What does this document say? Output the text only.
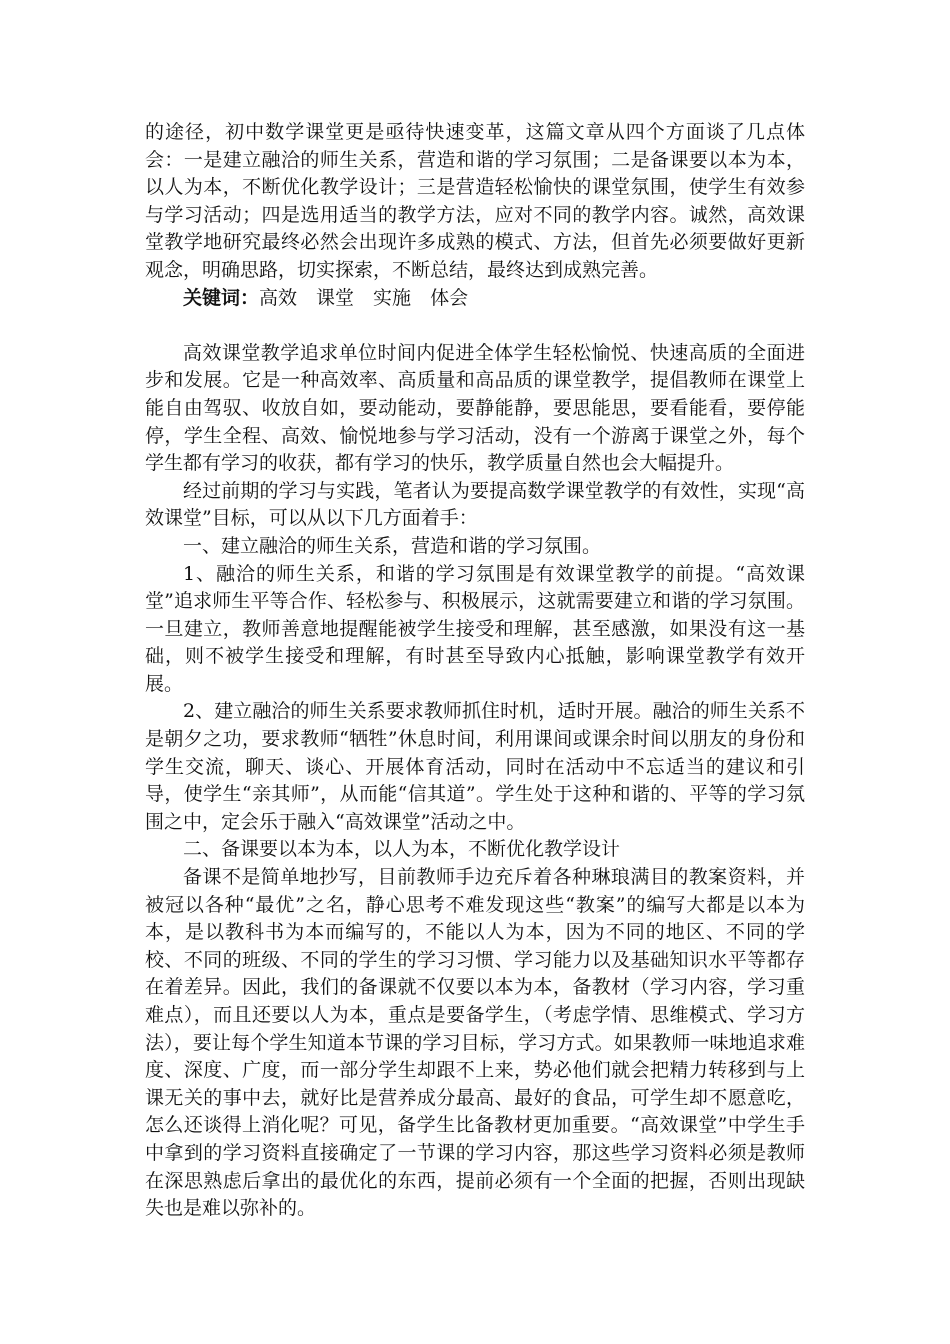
的途径，初中数学课堂更是亟待快速变革，这篇文章从四个方面谈了几点体会：一是建立融洽的师生关系，营造和谐的学习氛围；二是备课要以本为本，以人为本，不断优化教学设计；三是营造轻松愉快的课堂氛围，使学生有效参与学习活动；四是选用适当的教学方法，应对不同的教学内容。诚然，高效课堂教学地研究最终必然会出现许多成熟的模式、方法，但首先必须要做好更新观念，明确思路，切实探索，不断总结，最终达到成熟完善。

关键词：高效 课堂 实施 体会

高效课堂教学追求单位时间内促进全体学生轻松愉悦、快速高质的全面进步和发展。它是一种高效率、高质量和高品质的课堂教学，提倡教师在课堂上能自由驾驭、收放自如，要动能动，要静能静，要思能思，要看能看，要停能停，学生全程、高效、愉悦地参与学习活动，没有一个游离于课堂之外，每个学生都有学习的收获，都有学习的快乐，教学质量自然也会大幅提升。

经过前期的学习与实践，笔者认为要提高数学课堂教学的有效性，实现“高效课堂”目标，可以从以下几方面着手：

一、建立融洽的师生关系，营造和谐的学习氛围。

1、融洽的师生关系，和谐的学习氛围是有效课堂教学的前提。“高效课堂”追求师生平等合作、轻松参与、积极展示，这就需要建立和谐的学习氛围。一旦建立，教师善意地提醒能被学生接受和理解，甚至感激，如果没有这一基础，则不被学生接受和理解，有时甚至导致内心抵触，影响课堂教学有效开展。

2、建立融洽的师生关系要求教师抓住时机，适时开展。融洽的师生关系不是朝夕之功，要求教师“牺牲”休息时间，利用课间或课余时间以朋友的身份和学生交流，聊天、谈心、开展体育活动，同时在活动中不忘适当的建议和引导，使学生“亲其师”，从而能“信其道”。学生处于这种和谐的、平等的学习氛围之中，定会乐于融入“高效课堂”活动之中。

二、备课要以本为本，以人为本，不断优化教学设计

备课不是简单地抄写，目前教师手边充斥着各种琳琅满目的教案资料，并被冠以各种“最优”之名，静心思考不难发现这些“教案”的编写大都是以本为本，是以教科书为本而编写的，不能以人为本，因为不同的地区、不同的学校、不同的班级、不同的学生的学习习惯、学习能力以及基础知识水平等都存在着差异。因此，我们的备课就不仅要以本为本，备教材（学习内容，学习重难点），而且还要以人为本，重点是要备学生，（考虑学情、思维模式、学习方法），要让每个学生知道本节课的学习目标，学习方式。如果教师一味地追求难度、深度、广度，而一部分学生却跟不上来，势必他们就会把精力转移到与上课无关的事中去，就好比是营养成分最高、最好的食品，可学生却不愿意吃，怎么还谈得上消化呢？可见，备学生比备教材更加重要。“高效课堂”中学生手中拿到的学习资料直接确定了一节课的学习内容，那这些学习资料必须是教师在深思熟虑后拿出的最优化的东西，提前必须有一个全面的把握，否则出现缺失也是难以弥补的。
